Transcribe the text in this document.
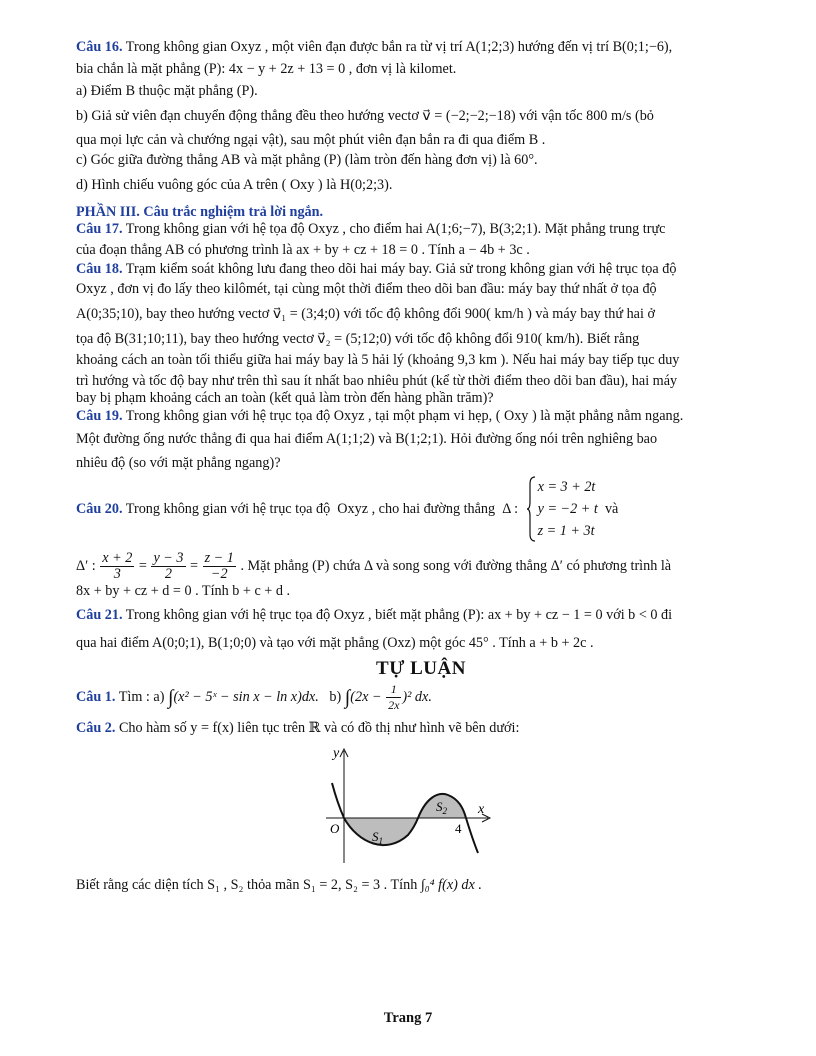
Câu 16. Trong không gian Oxyz , một viên đạn được bắn ra từ vị trí A(1;2;3) hướng đến vị trí B(0;1;−6),

bia chắn là mặt phẳng (P): 4x − y + 2z + 13 = 0 , đơn vị là kilomet.

a) Điểm B thuộc mặt phẳng (P).

b) Giả sử viên đạn chuyển động thẳng đều theo hướng vectơ v⃗ = (−2;−2;−18) với vận tốc 800 m/s (bỏ

qua mọi lực cản và chướng ngại vật), sau một phút viên đạn bắn ra đi qua điểm B .

c) Góc giữa đường thẳng AB và mặt phẳng (P) (làm tròn đến hàng đơn vị) là 60°.

d) Hình chiếu vuông góc của A trên ( Oxy ) là H(0;2;3).

PHẦN III. Câu trắc nghiệm trả lời ngắn.

Câu 17. Trong không gian với hệ tọa độ Oxyz , cho điểm hai A(1;6;−7), B(3;2;1). Mặt phẳng trung trực

của đoạn thẳng AB có phương trình là ax + by + cz + 18 = 0 . Tính a − 4b + 3c .

Câu 18. Trạm kiểm soát không lưu đang theo dõi hai máy bay. Giả sử trong không gian với hệ trục tọa độ

Oxyz , đơn vị đo lấy theo kilômét, tại cùng một thời điểm theo dõi ban đầu: máy bay thứ nhất ở tọa độ

A(0;35;10), bay theo hướng vectơ v⃗₁ = (3;4;0) với tốc độ không đổi 900( km/h ) và máy bay thứ hai ở

tọa độ B(31;10;11), bay theo hướng vectơ v⃗₂ = (5;12;0) với tốc độ không đổi 910( km/h). Biết rằng

khoảng cách an toàn tối thiểu giữa hai máy bay là 5 hải lý (khoảng 9,3 km ). Nếu hai máy bay tiếp tục duy

trì hướng và tốc độ bay như trên thì sau ít nhất bao nhiêu phút (kể từ thời điểm theo dõi ban đầu), hai máy

bay bị phạm khoảng cách an toàn (kết quả làm tròn đến hàng phần trăm)?

Câu 19. Trong không gian với hệ trục tọa độ Oxyz , tại một phạm vi hẹp, ( Oxy ) là mặt phẳng nằm ngang.

Một đường ống nước thẳng đi qua hai điểm A(1;1;2) và B(1;2;1). Hỏi đường ống nói trên nghiêng bao

nhiêu độ (so với mặt phẳng ngang)?

Câu 20. Trong không gian với hệ trục tọa độ  Oxyz , cho hai đường thẳng  Δ :
x = 3 + 2t
y = −2 + t
z = 1 + 3t
và

Δ′ : $\frac{x + 2}{3} = \frac{y - 3}{2} = \frac{z - 1}{-2}$ . Mặt phẳng (P) chứa Δ và song song với đường thẳng Δ′ có phương trình là

8x + by + cz + d = 0 . Tính b + c + d .

Câu 21. Trong không gian với hệ trục tọa độ Oxyz , biết mặt phẳng (P): ax + by + cz − 1 = 0 với b < 0 đi

qua hai điểm A(0;0;1), B(1;0;0) và tạo với mặt phẳng (Oxz) một góc 45° . Tính a + b + 2c .

TỰ LUẬN

Câu 1. Tìm : a) ∫(x² − 5ˣ − sin x − ln x)dx.   b) $\int(2x - \frac{1}{2x} )^2$ dx.

Câu 2. Cho hàm số y = f(x) liên tục trên ℝ và có đồ thị như hình vẽ bên dưới:

y
x
O	4
$S_1$
$S_2$

Biết rằng các diện tích S₁ , S₂ thỏa mãn S₁ = 2, S₂ = 3 . Tính ∫₀⁴ f(x) dx .

Trang 7
